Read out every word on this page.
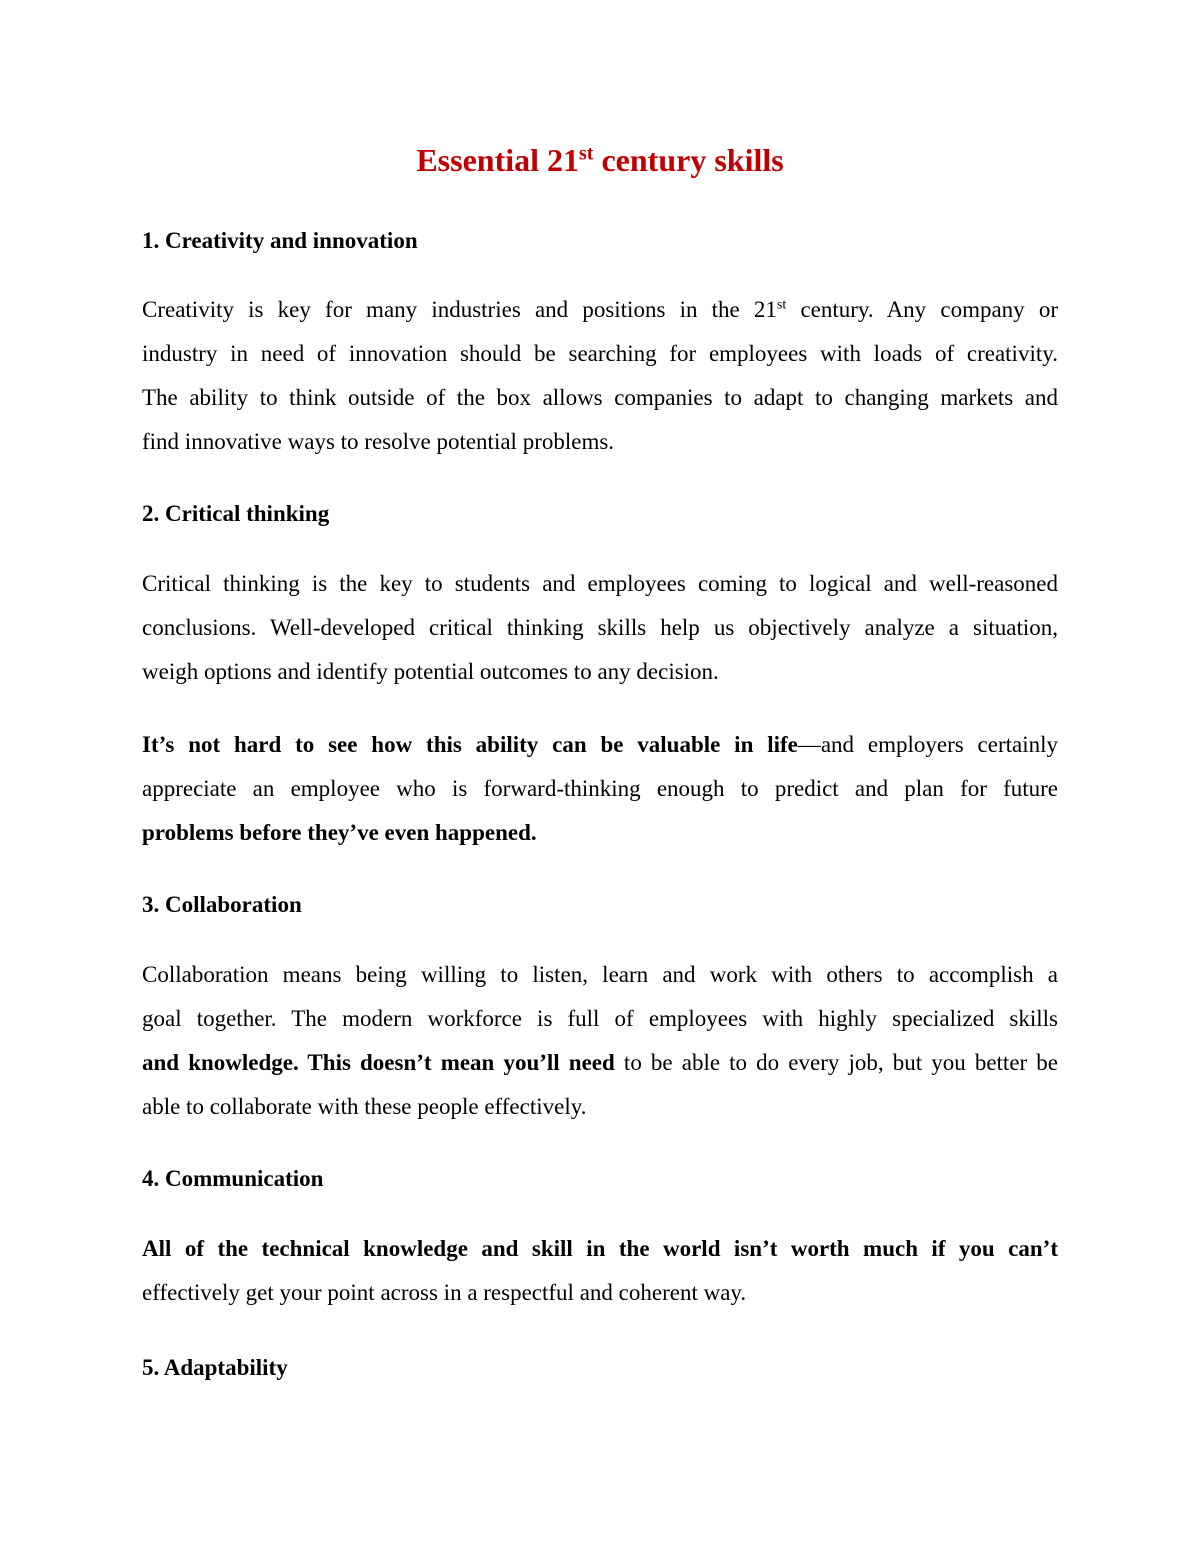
Essential 21st century skills
1. Creativity and innovation
Creativity is key for many industries and positions in the 21st century. Any company or
industry in need of innovation should be searching for employees with loads of creativity.
The ability to think outside of the box allows companies to adapt to changing markets and
find innovative ways to resolve potential problems.
2. Critical thinking
Critical thinking is the key to students and employees coming to logical and well-reasoned
conclusions. Well-developed critical thinking skills help us objectively analyze a situation,
weigh options and identify potential outcomes to any decision.
It’s not hard to see how this ability can be valuable in life—and employers certainly
appreciate an employee who is forward-thinking enough to predict and plan for future
problems before they’ve even happened.
3. Collaboration
Collaboration means being willing to listen, learn and work with others to accomplish a
goal together. The modern workforce is full of employees with highly specialized skills
and knowledge. This doesn’t mean you’ll need to be able to do every job, but you better be
able to collaborate with these people effectively.
4. Communication
All of the technical knowledge and skill in the world isn’t worth much if you can’t
effectively get your point across in a respectful and coherent way.
5. Adaptability
